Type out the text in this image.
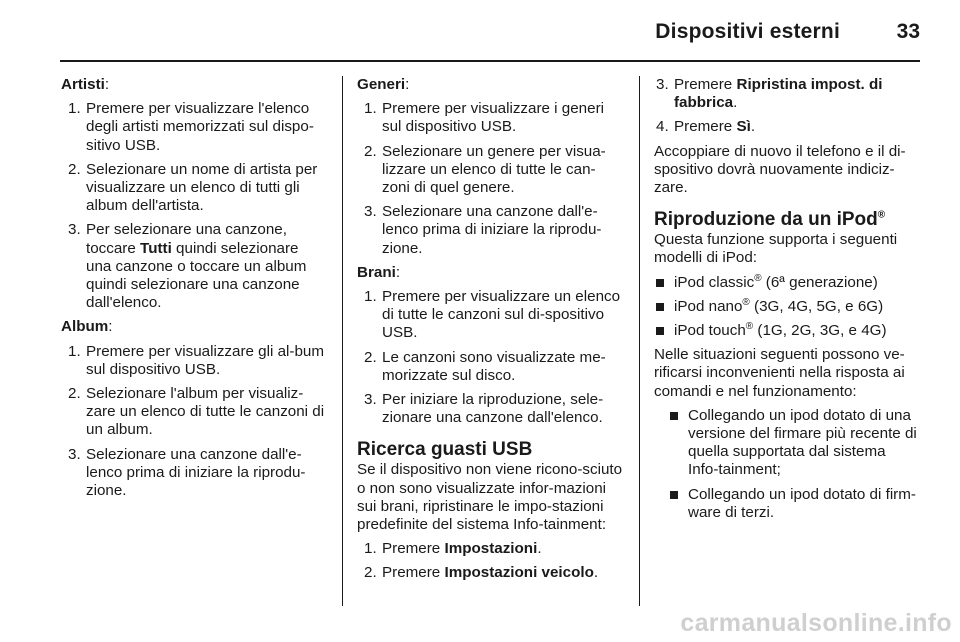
Dispositivi esterni	33

Artisti:

1. Premere per visualizzare l'elenco degli artisti memorizzati sul dispo-sitivo USB.
2. Selezionare un nome di artista per visualizzare un elenco di tutti gli album dell'artista.
3. Per selezionare una canzone, toccare Tutti quindi selezionare una canzone o toccare un album quindi selezionare una canzone dall'elenco.

Album:

1. Premere per visualizzare gli al-bum sul dispositivo USB.
2. Selezionare l'album per visualiz-zare un elenco di tutte le canzoni di un album.
3. Selezionare una canzone dall'e-lenco prima di iniziare la riprodu-zione.

Generi:

1. Premere per visualizzare i generi sul dispositivo USB.
2. Selezionare un genere per visua-lizzare un elenco di tutte le can-zoni di quel genere.
3. Selezionare una canzone dall'e-lenco prima di iniziare la riprodu-zione.

Brani:

1. Premere per visualizzare un elenco di tutte le canzoni sul di-spositivo USB.
2. Le canzoni sono visualizzate me-morizzate sul disco.
3. Per iniziare la riproduzione, sele-zionare una canzone dall'elenco.
Ricerca guasti USB

Se il dispositivo non viene ricono-sciuto o non sono visualizzate infor-mazioni sui brani, ripristinare le impo-stazioni predefinite del sistema Info-tainment:

1. Premere Impostazioni.
2. Premere Impostazioni veicolo.
3. Premere Ripristina impost. di fabbrica.
4. Premere Sì.

Accoppiare di nuovo il telefono e il di-spositivo dovrà nuovamente indiciz-zare.

Riproduzione da un iPod®

Questa funzione supporta i seguenti modelli di iPod:

iPod classic® (6ª generazione)
iPod nano® (3G, 4G, 5G, e 6G)
iPod touch® (1G, 2G, 3G, e 4G)

Nelle situazioni seguenti possono ve-rificarsi inconvenienti nella risposta ai comandi e nel funzionamento:

Collegando un ipod dotato di una versione del firmare più recente di quella supportata dal sistema Info-tainment;
Collegando un ipod dotato di firm-ware di terzi.
carmanualsonline.info
